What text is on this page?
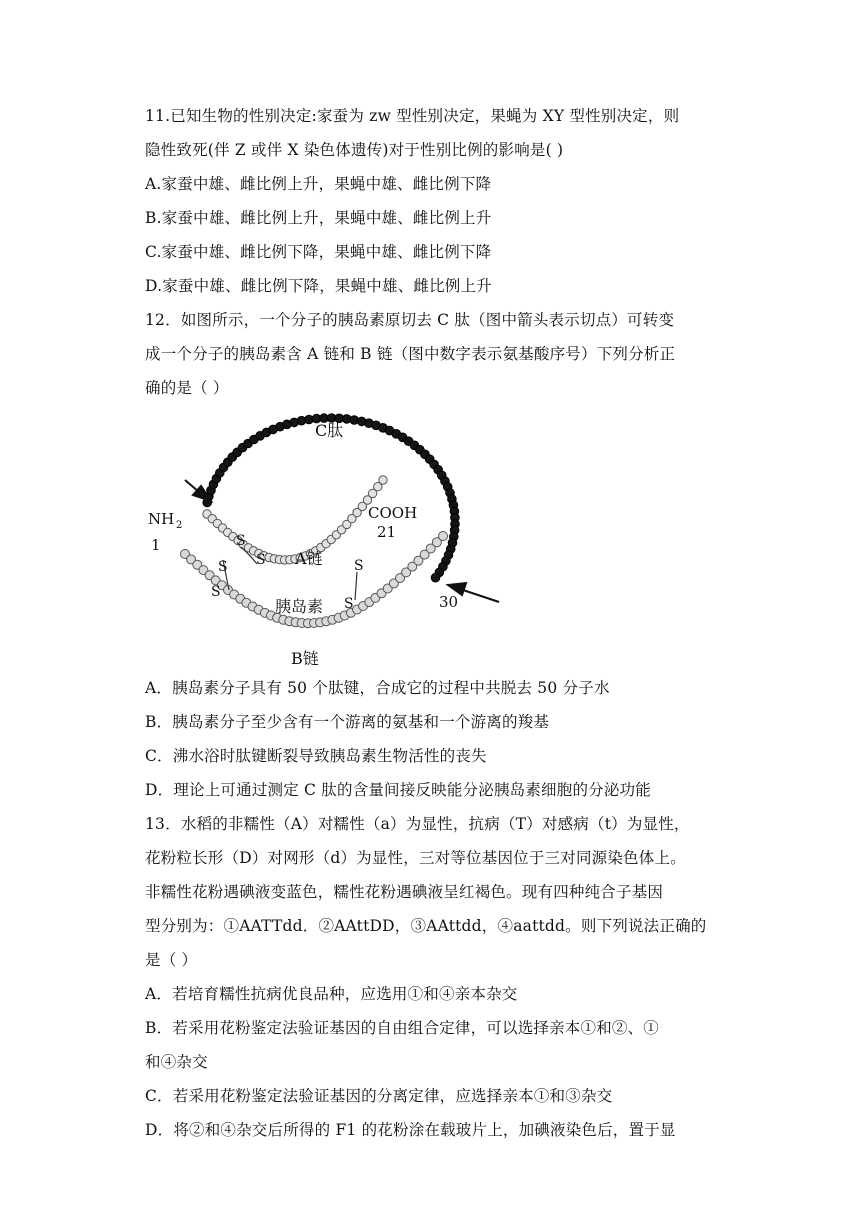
11.已知生物的性别决定:家蚕为 zw 型性别决定，果蝇为 XY 型性别决定，则
隐性致死(伴 Z 或伴 X 染色体遗传)对于性别比例的影响是( )
A.家蚕中雄、雌比例上升，果蝇中雄、雌比例下降
B.家蚕中雄、雌比例上升，果蝇中雄、雌比例上升
C.家蚕中雄、雌比例下降，果蝇中雄、雌比例下降
D.家蚕中雄、雌比例下降，果蝇中雄、雌比例上升
12．如图所示，一个分子的胰岛素原切去 C 肽（图中箭头表示切点）可转变
成一个分子的胰岛素含 A 链和 B 链（图中数字表示氨基酸序号）下列分析正
确的是（ ）
C肽
NH 2
1
COOH
21
A链
胰岛素
B链
30
S
S
S	S
S
S
A．胰岛素分子具有 50 个肽键，合成它的过程中共脱去 50 分子水
B．胰岛素分子至少含有一个游离的氨基和一个游离的羧基
C．沸水浴时肽键断裂导致胰岛素生物活性的丧失
D．理论上可通过测定 C 肽的含量间接反映能分泌胰岛素细胞的分泌功能
13．水稻的非糯性（A）对糯性（a）为显性，抗病（T）对感病（t）为显性，
花粉粒长形（D）对网形（d）为显性，三对等位基因位于三对同源染色体上。
非糯性花粉遇碘液变蓝色，糯性花粉遇碘液呈红褐色。现有四种纯合子基因
型分别为：①AATTdd．②AAttDD，③AAttdd，④aattdd。则下列说法正确的
是（ ）
A．若培育糯性抗病优良品种，应选用①和④亲本杂交
B．若采用花粉鉴定法验证基因的自由组合定律，可以选择亲本①和②、①
和④杂交
C．若采用花粉鉴定法验证基因的分离定律，应选择亲本①和③杂交
D．将②和④杂交后所得的 F1 的花粉涂在载玻片上，加碘液染色后，置于显
